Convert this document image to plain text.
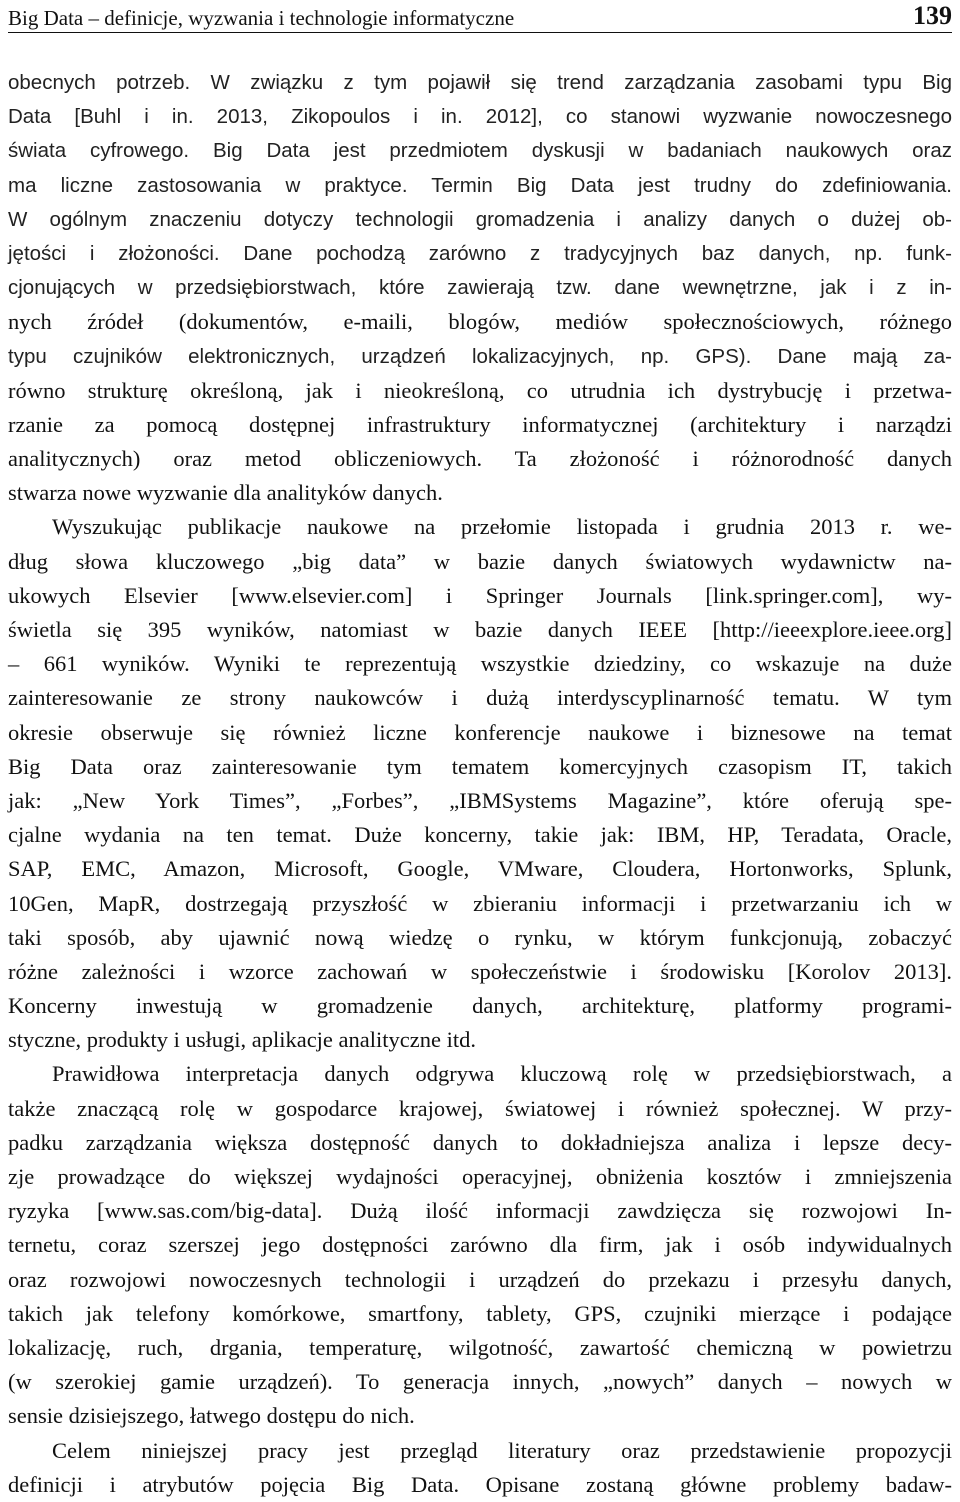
Big Data – definicje, wyzwania i technologie informatyczne	139
obecnych potrzeb. W związku z tym pojawił się trend zarządzania zasobami typu Big
Data [Buhl i in. 2013, Zikopoulos i in. 2012], co stanowi wyzwanie nowoczesnego
świata cyfrowego. Big Data jest przedmiotem dyskusji w badaniach naukowych oraz
ma liczne zastosowania w praktyce. Termin Big Data jest trudny do zdefiniowania.
W ogólnym znaczeniu dotyczy technologii gromadzenia i analizy danych o dużej ob-
jętości i złożoności. Dane pochodzą zarówno z tradycyjnych baz danych, np. funk-
cjonujących w przedsiębiorstwach, które zawierają tzw. dane wewnętrzne, jak i z in-
nych źródeł (dokumentów, e-maili, blogów, mediów społecznościowych, różnego
typu czujników elektronicznych, urządzeń lokalizacyjnych, np. GPS). Dane mają za-
równo strukturę określoną, jak i nieokreśloną, co utrudnia ich dystrybucję i przetwa-
rzanie za pomocą dostępnej infrastruktury informatycznej (architektury i narządzi
analitycznych) oraz metod obliczeniowych. Ta złożoność i różnorodność danych
stwarza nowe wyzwanie dla analityków danych.
Wyszukując publikacje naukowe na przełomie listopada i grudnia 2013 r. we-
dług słowa kluczowego „big data” w bazie danych światowych wydawnictw na-
ukowych Elsevier [www.elsevier.com] i Springer Journals [link.springer.com], wy-
świetla się 395 wyników, natomiast w bazie danych IEEE [http://ieeexplore.ieee.org]
– 661 wyników. Wyniki te reprezentują wszystkie dziedziny, co wskazuje na duże
zainteresowanie ze strony naukowców i dużą interdyscyplinarność tematu. W tym
okresie obserwuje się również liczne konferencje naukowe i biznesowe na temat
Big Data oraz zainteresowanie tym tematem komercyjnych czasopism IT, takich
jak: „New York Times”, „Forbes”, „IBMSystems Magazine”, które oferują spe-
cjalne wydania na ten temat. Duże koncerny, takie jak: IBM, HP, Teradata, Oracle,
SAP, EMC, Amazon, Microsoft, Google, VMware, Cloudera, Hortonworks, Splunk,
10Gen, MapR, dostrzegają przyszłość w zbieraniu informacji i przetwarzaniu ich w
taki sposób, aby ujawnić nową wiedzę o rynku, w którym funkcjonują, zobaczyć
różne zależności i wzorce zachowań w społeczeństwie i środowisku [Korolov 2013].
Koncerny inwestują w gromadzenie danych, architekturę, platformy programi-
styczne, produkty i usługi, aplikacje analityczne itd.
Prawidłowa interpretacja danych odgrywa kluczową rolę w przedsiębiorstwach, a
także znaczącą rolę w gospodarce krajowej, światowej i również społecznej. W przy-
padku zarządzania większa dostępność danych to dokładniejsza analiza i lepsze decy-
zje prowadzące do większej wydajności operacyjnej, obniżenia kosztów i zmniejszenia
ryzyka [www.sas.com/big-data]. Dużą ilość informacji zawdzięcza się rozwojowi In-
ternetu, coraz szerszej jego dostępności zarówno dla firm, jak i osób indywidualnych
oraz rozwojowi nowoczesnych technologii i urządzeń do przekazu i przesyłu danych,
takich jak telefony komórkowe, smartfony, tablety, GPS, czujniki mierzące i podające
lokalizację, ruch, drgania, temperaturę, wilgotność, zawartość chemiczną w powietrzu
(w szerokiej gamie urządzeń). To generacja innych, „nowych” danych – nowych w
sensie dzisiejszego, łatwego dostępu do nich.
Celem niniejszej pracy jest przegląd literatury oraz przedstawienie propozycji
definicji i atrybutów pojęcia Big Data. Opisane zostaną główne problemy badaw-
